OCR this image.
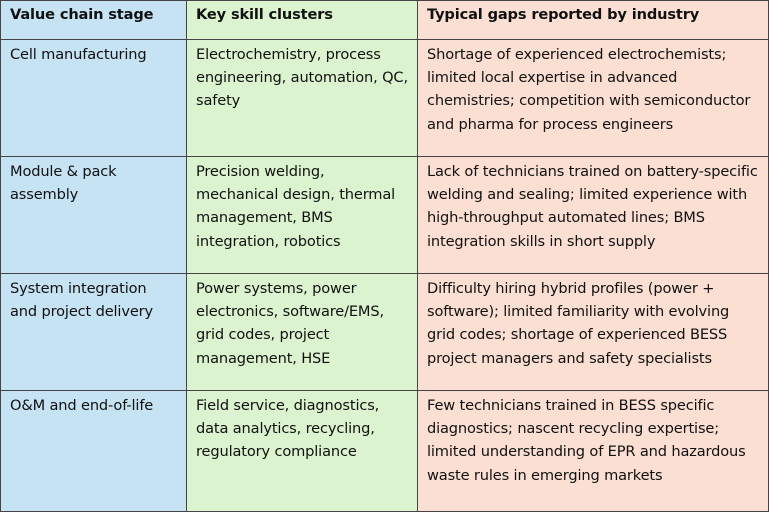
Value chain stage	Key skill clusters	Typical gaps reported by industry
Cell manufacturing	Electrochemistry, process engineering, automation, QC, safety	Shortage of experienced electrochemists; limited local expertise in advanced chemistries; competition with semiconductor and pharma for process engineers
Module & pack assembly	Precision welding, mechanical design, thermal management, BMS integration, robotics	Lack of technicians trained on battery-specific welding and sealing; limited experience with high-throughput automated lines; BMS integration skills in short supply
System integration and project delivery	Power systems, power electronics, software/EMS, grid codes, project management, HSE	Difficulty hiring hybrid profiles (power + software); limited familiarity with evolving grid codes; shortage of experienced BESS project managers and safety specialists
O&M and end-of-life	Field service, diagnostics, data analytics, recycling, regulatory compliance	Few technicians trained in BESS specific diagnostics; nascent recycling expertise; limited understanding of EPR and hazardous waste rules in emerging markets
